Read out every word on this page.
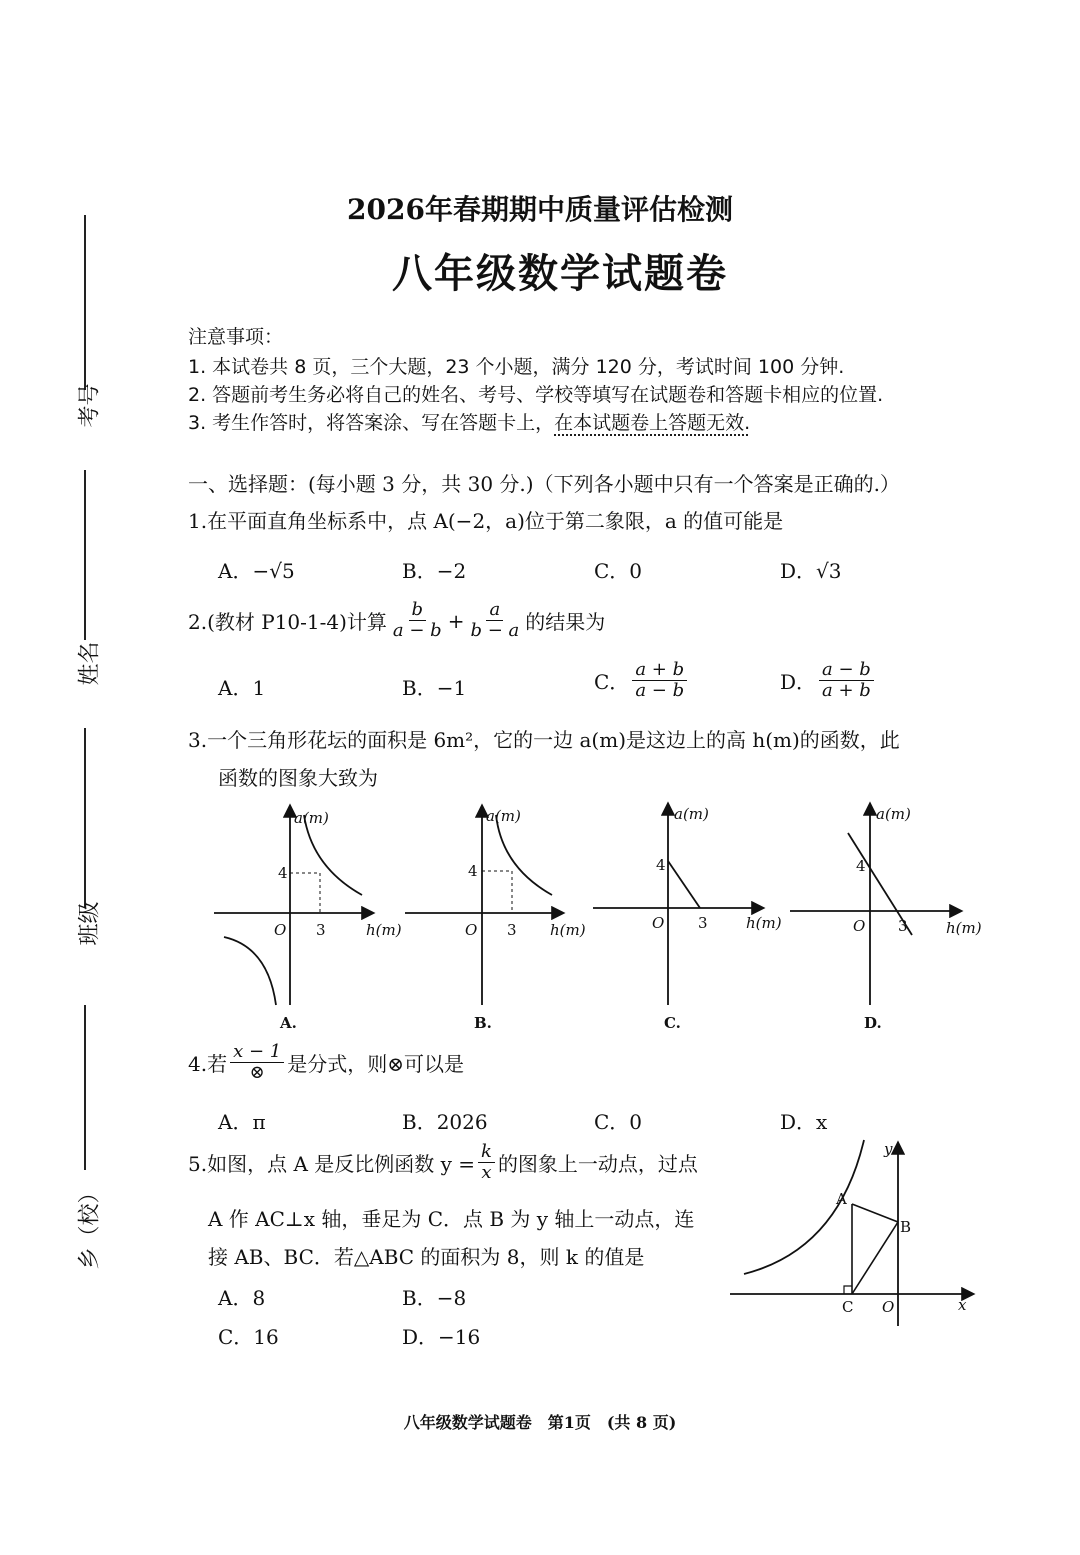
考号
姓名
班级
乡（校）
2026年春期期中质量评估检测
八年级数学试题卷
注意事项：
1. 本试卷共 8 页，三个大题，23 个小题，满分 120 分，考试时间 100 分钟.
2. 答题前考生务必将自己的姓名、考号、学校等填写在试题卷和答题卡相应的位置.
3. 考生作答时，将答案涂、写在答题卡上，在本试题卷上答题无效.
一、选择题：(每小题 3 分，共 30 分.)（下列各小题中只有一个答案是正确的.）
1.在平面直角坐标系中，点 A(−2，a)位于第二象限，a 的值可能是
A．−√5	B．−2	C．0	D．√3
2.(教材 P10-1-4)计算 $\frac{b}{a - b} + \frac{a}{b - a}$ 的结果为
A．1	B．−1	C． $\frac{a + b}{a - b}$	D． $\frac{a - b}{a + b}$
3.一个三角形花坛的面积是 6m²，它的一边 a(m)是这边上的高 h(m)的函数，此
函数的图象大致为
a(m)
4
3
O	h(m)
A.
a(m)
4
3
O	h(m)
B.
a(m)
4
3
O	h(m)
C.
a(m)
4
3
O	h(m)
D.
4.若 $\frac{x - 1}{\otimes}$ 是分式，则⊗可以是
A．π	B．2026	C．0	D．x
5.如图，点 A 是反比例函数 $y = \frac{k}{x}$ 的图象上一动点，过点
A 作 AC⊥x 轴，垂足为 C．点 B 为 y 轴上一动点，连
接 AB、BC．若△ABC 的面积为 8，则 k 的值是
A．8	B．−8
C．16	D．−16
A
B
C O	x
y
八年级数学试题卷　第1页　(共 8 页)
